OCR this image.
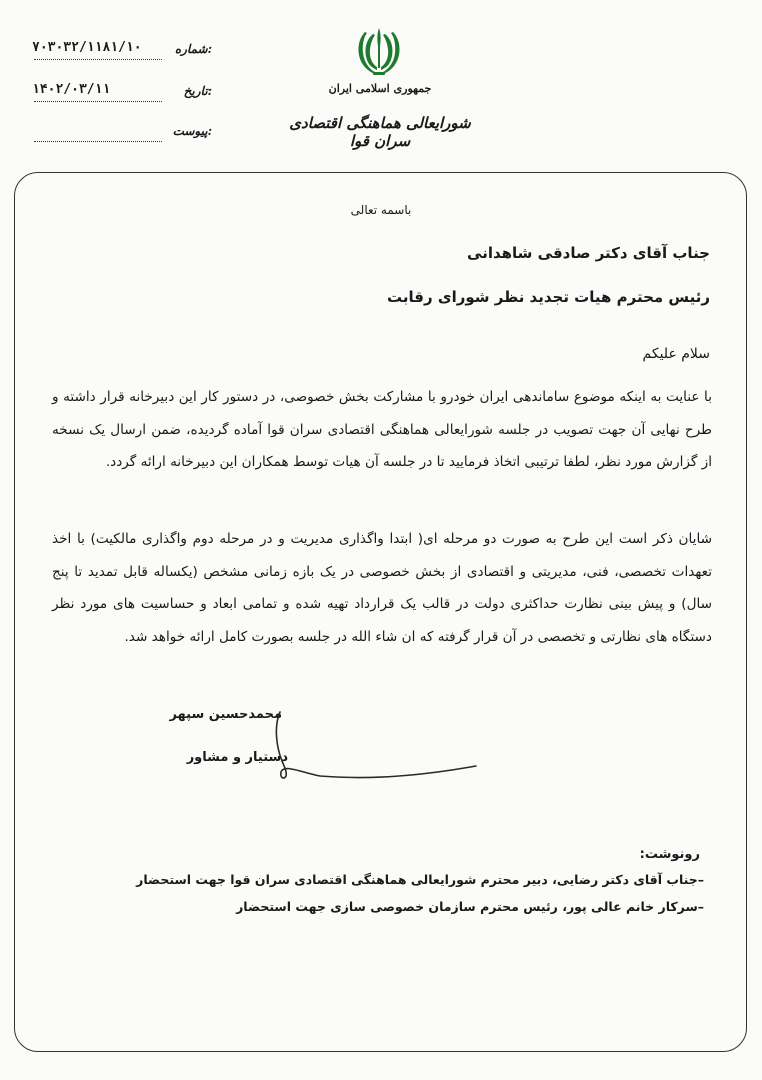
جمهوری اسلامی ایران
شورایعالی هماهنگی اقتصادی سران قوا
شماره:
۷۰۳۰۳۲/۱۱۸۱/۱۰
تاریخ:
۱۴۰۲/۰۳/۱۱
پیوست:
باسمه تعالی
جناب آقای دکتر صادقی شاهدانی
رئیس محترم هیات تجدید نظر شورای رقابت
سلام علیکم
با عنایت به اینکه موضوع ساماندهی ایران خودرو با مشارکت بخش خصوصی، در دستور کار این دبیرخانه قرار داشته و طرح نهایی آن جهت تصویب در جلسه شورایعالی هماهنگی اقتصادی سران قوا آماده گردیده، ضمن ارسال یک نسخه از گزارش مورد نظر، لطفا ترتیبی اتخاذ فرمایید تا در جلسه آن هیات توسط همکاران این دبیرخانه ارائه گردد.
شایان ذکر است این طرح به صورت دو مرحله ای( ابتدا واگذاری مدیریت و در مرحله دوم واگذاری مالکیت) با اخذ تعهدات تخصصی، فنی، مدیریتی و اقتصادی از بخش خصوصی در یک بازه زمانی مشخص (یکساله قابل تمدید تا پنج سال) و پیش بینی نظارت حداکثری دولت در قالب یک قرارداد تهیه شده و تمامی ابعاد و حساسیت های مورد نظر دستگاه های نظارتی و تخصصی در آن قرار گرفته که ان شاء الله در جلسه بصورت کامل ارائه خواهد شد.
محمدحسین سپهر
دستیار و مشاور
رونوشت:
–جناب آقای دکتر رضایی، دبیر محترم شورایعالی هماهنگی اقتصادی سران قوا جهت استحضار
–سرکار خانم عالی پور، رئیس محترم سازمان خصوصی سازی جهت استحضار
